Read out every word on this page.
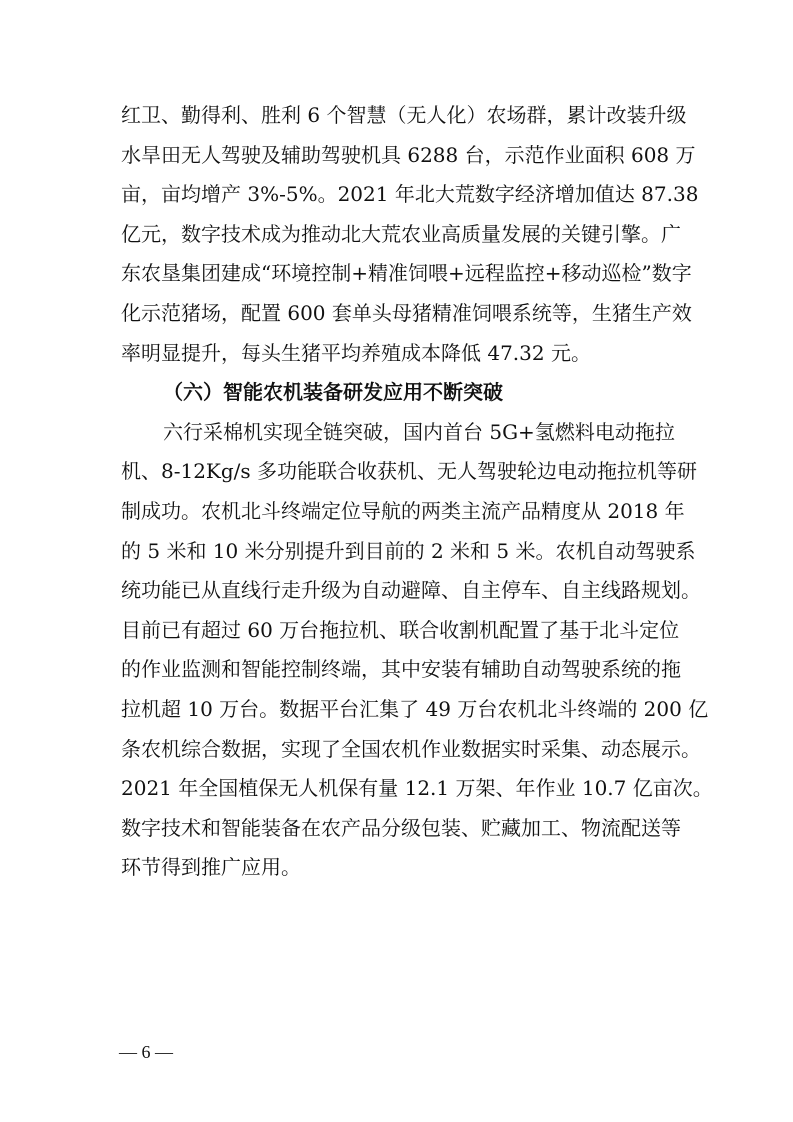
红卫、勤得利、胜利 6 个智慧（无人化）农场群，累计改装升级
水旱田无人驾驶及辅助驾驶机具 6288 台，示范作业面积 608 万
亩，亩均增产 3%-5%。2021 年北大荒数字经济增加值达 87.38
亿元，数字技术成为推动北大荒农业高质量发展的关键引擎。广
东农垦集团建成“环境控制+精准饲喂+远程监控+移动巡检”数字
化示范猪场，配置 600 套单头母猪精准饲喂系统等，生猪生产效
率明显提升，每头生猪平均养殖成本降低 47.32 元。
（六）智能农机装备研发应用不断突破
六行采棉机实现全链突破，国内首台 5G+氢燃料电动拖拉
机、8-12Kg/s 多功能联合收获机、无人驾驶轮边电动拖拉机等研
制成功。农机北斗终端定位导航的两类主流产品精度从 2018 年
的 5 米和 10 米分别提升到目前的 2 米和 5 米。农机自动驾驶系
统功能已从直线行走升级为自动避障、自主停车、自主线路规划。
目前已有超过 60 万台拖拉机、联合收割机配置了基于北斗定位
的作业监测和智能控制终端，其中安装有辅助自动驾驶系统的拖
拉机超 10 万台。数据平台汇集了 49 万台农机北斗终端的 200 亿
条农机综合数据，实现了全国农机作业数据实时采集、动态展示。
2021 年全国植保无人机保有量 12.1 万架、年作业 10.7 亿亩次。
数字技术和智能装备在农产品分级包装、贮藏加工、物流配送等
环节得到推广应用。
— 6 —
